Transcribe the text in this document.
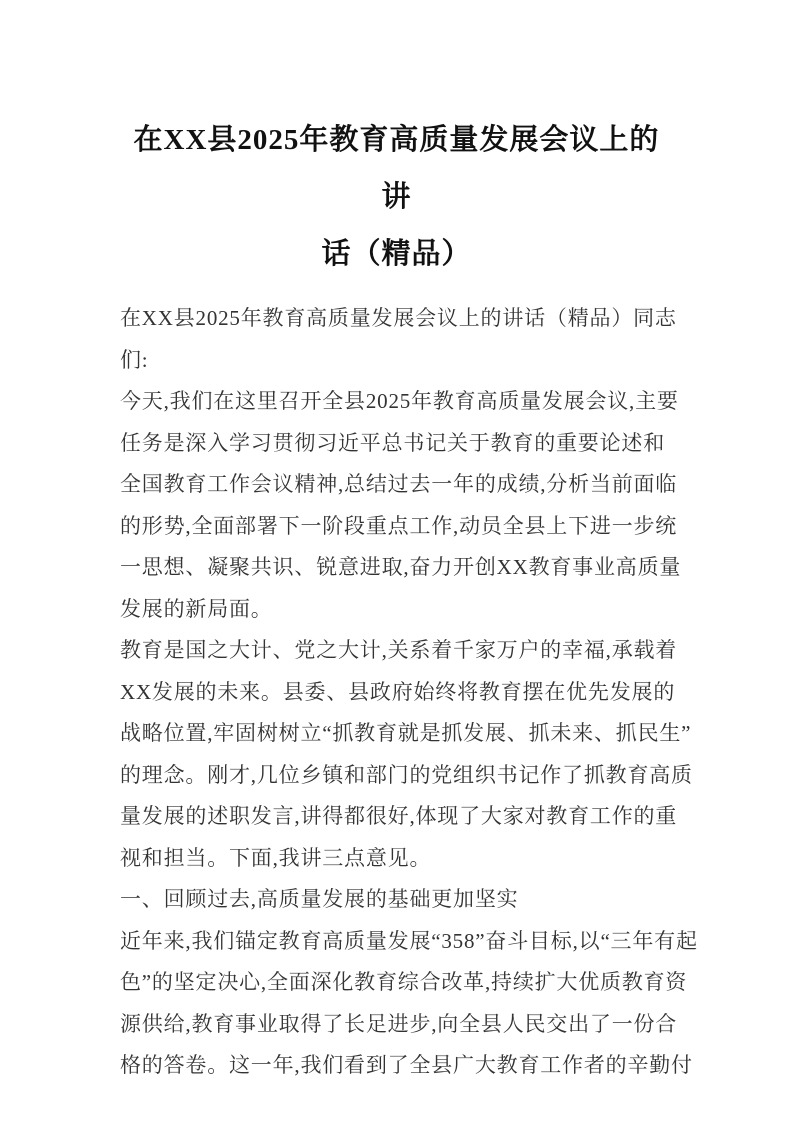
在XX县2025年教育高质量发展会议上的讲
话（精品）
在XX县2025年教育高质量发展会议上的讲话（精品）同志
们:
今天,我们在这里召开全县2025年教育高质量发展会议,主要
任务是深入学习贯彻习近平总书记关于教育的重要论述和
全国教育工作会议精神,总结过去一年的成绩,分析当前面临
的形势,全面部署下一阶段重点工作,动员全县上下进一步统
一思想、凝聚共识、锐意进取,奋力开创XX教育事业高质量
发展的新局面。
教育是国之大计、党之大计,关系着千家万户的幸福,承载着
XX发展的未来。县委、县政府始终将教育摆在优先发展的
战略位置,牢固树树立“抓教育就是抓发展、抓未来、抓民生”
的理念。刚才,几位乡镇和部门的党组织书记作了抓教育高质
量发展的述职发言,讲得都很好,体现了大家对教育工作的重
视和担当。下面,我讲三点意见。
一、回顾过去,高质量发展的基础更加坚实
近年来,我们锚定教育高质量发展“358”奋斗目标,以“三年有起
色”的坚定决心,全面深化教育综合改革,持续扩大优质教育资
源供给,教育事业取得了长足进步,向全县人民交出了一份合
格的答卷。这一年,我们看到了全县广大教育工作者的辛勤付
